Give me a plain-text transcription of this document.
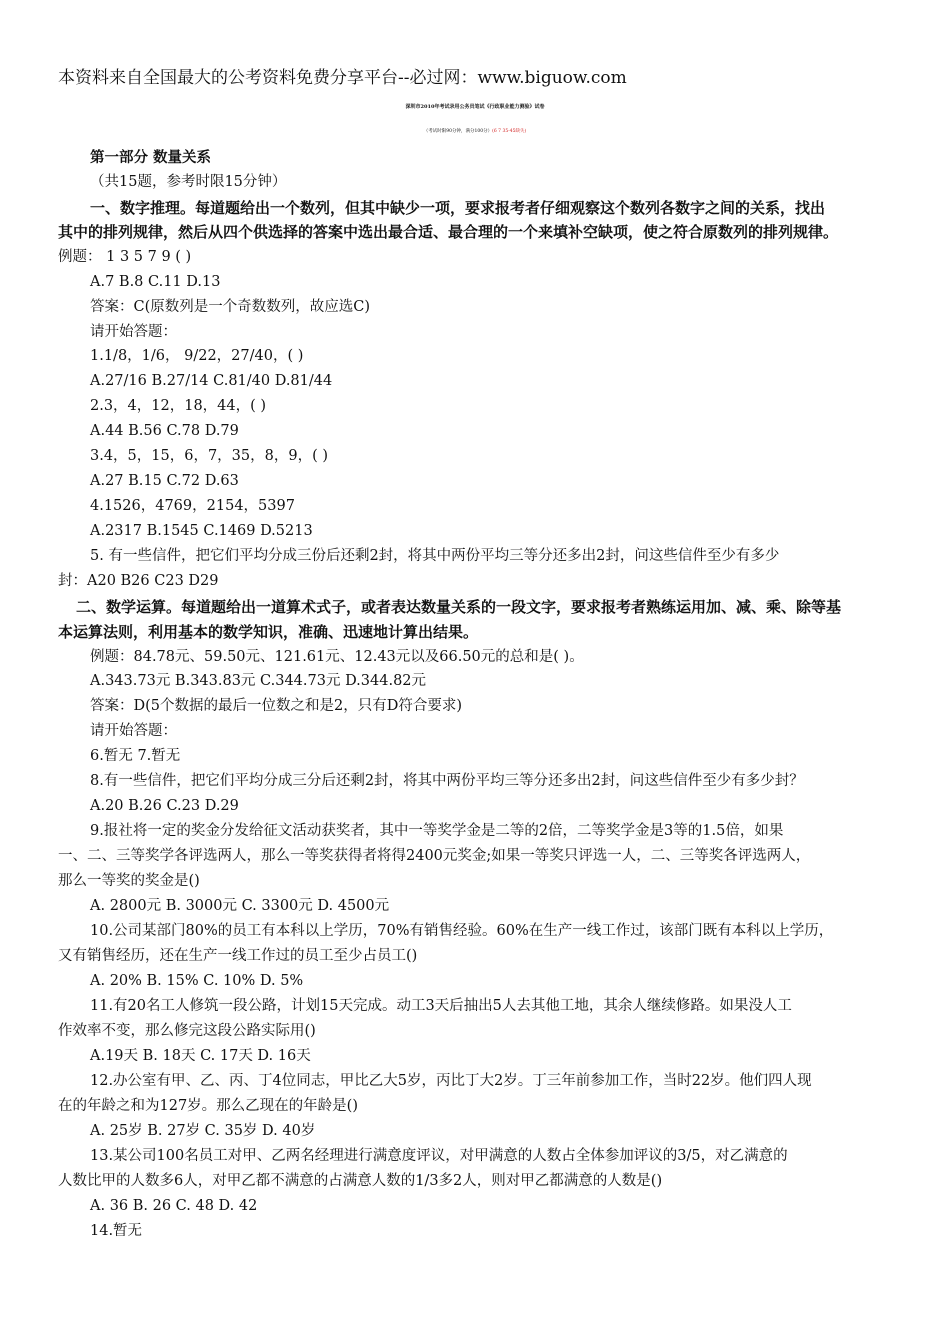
本资料来自全国最大的公考资料免费分享平台--必过网：www.biguow.com
深圳市2010年考试录用公务员笔试《行政职业能力测验》试卷
（考试时限90分钟，满分100分）(6 7 35-45缺失)
第一部分 数量关系
（共15题，参考时限15分钟）
一、数字推理。每道题给出一个数列，但其中缺少一项，要求报考者仔细观察这个数列各数字之间的关系，找出
其中的排列规律，然后从四个供选择的答案中选出最合适、最合理的一个来填补空缺项，使之符合原数列的排列规律。
例题： 1 3 5 7 9 ( )
A.7 B.8 C.11 D.13
答案：C(原数列是一个奇数数列，故应选C)
请开始答题：
1.1/8，1/6， 9/22，27/40，( )
A.27/16 B.27/14 C.81/40 D.81/44
2.3，4，12，18，44，( )
A.44 B.56 C.78 D.79
3.4，5，15，6，7，35，8，9，( )
A.27 B.15 C.72 D.63
4.1526，4769，2154，5397
A.2317 B.1545 C.1469 D.5213
5. 有一些信件，把它们平均分成三份后还剩2封，将其中两份平均三等分还多出2封，问这些信件至少有多少
封：A20 B26 C23 D29
二、数学运算。每道题给出一道算术式子，或者表达数量关系的一段文字，要求报考者熟练运用加、减、乘、除等基
本运算法则，利用基本的数学知识，准确、迅速地计算出结果。
例题：84.78元、59.50元、121.61元、12.43元以及66.50元的总和是( )。
A.343.73元 B.343.83元 C.344.73元 D.344.82元
答案：D(5个数据的最后一位数之和是2，只有D符合要求)
请开始答题：
6.暂无 7.暂无
8.有一些信件，把它们平均分成三分后还剩2封，将其中两份平均三等分还多出2封，问这些信件至少有多少封？
A.20 B.26 C.23 D.29
9.报社将一定的奖金分发给征文活动获奖者，其中一等奖学金是二等的2倍，二等奖学金是3等的1.5倍，如果
一、二、三等奖学各评选两人，那么一等奖获得者将得2400元奖金;如果一等奖只评选一人，二、三等奖各评选两人，
那么一等奖的奖金是()
A. 2800元 B. 3000元 C. 3300元 D. 4500元
10.公司某部门80%的员工有本科以上学历，70%有销售经验。60%在生产一线工作过，该部门既有本科以上学历，
又有销售经历，还在生产一线工作过的员工至少占员工()
A. 20% B. 15% C. 10% D. 5%
11.有20名工人修筑一段公路，计划15天完成。动工3天后抽出5人去其他工地，其余人继续修路。如果没人工
作效率不变，那么修完这段公路实际用()
A.19天 B. 18天 C. 17天 D. 16天
12.办公室有甲、乙、丙、丁4位同志，甲比乙大5岁，丙比丁大2岁。丁三年前参加工作，当时22岁。他们四人现
在的年龄之和为127岁。那么乙现在的年龄是()
A. 25岁 B. 27岁 C. 35岁 D. 40岁
13.某公司100名员工对甲、乙两名经理进行满意度评议，对甲满意的人数占全体参加评议的3/5，对乙满意的
人数比甲的人数多6人，对甲乙都不满意的占满意人数的1/3多2人，则对甲乙都满意的人数是()
A. 36 B. 26 C. 48 D. 42
14.暂无
